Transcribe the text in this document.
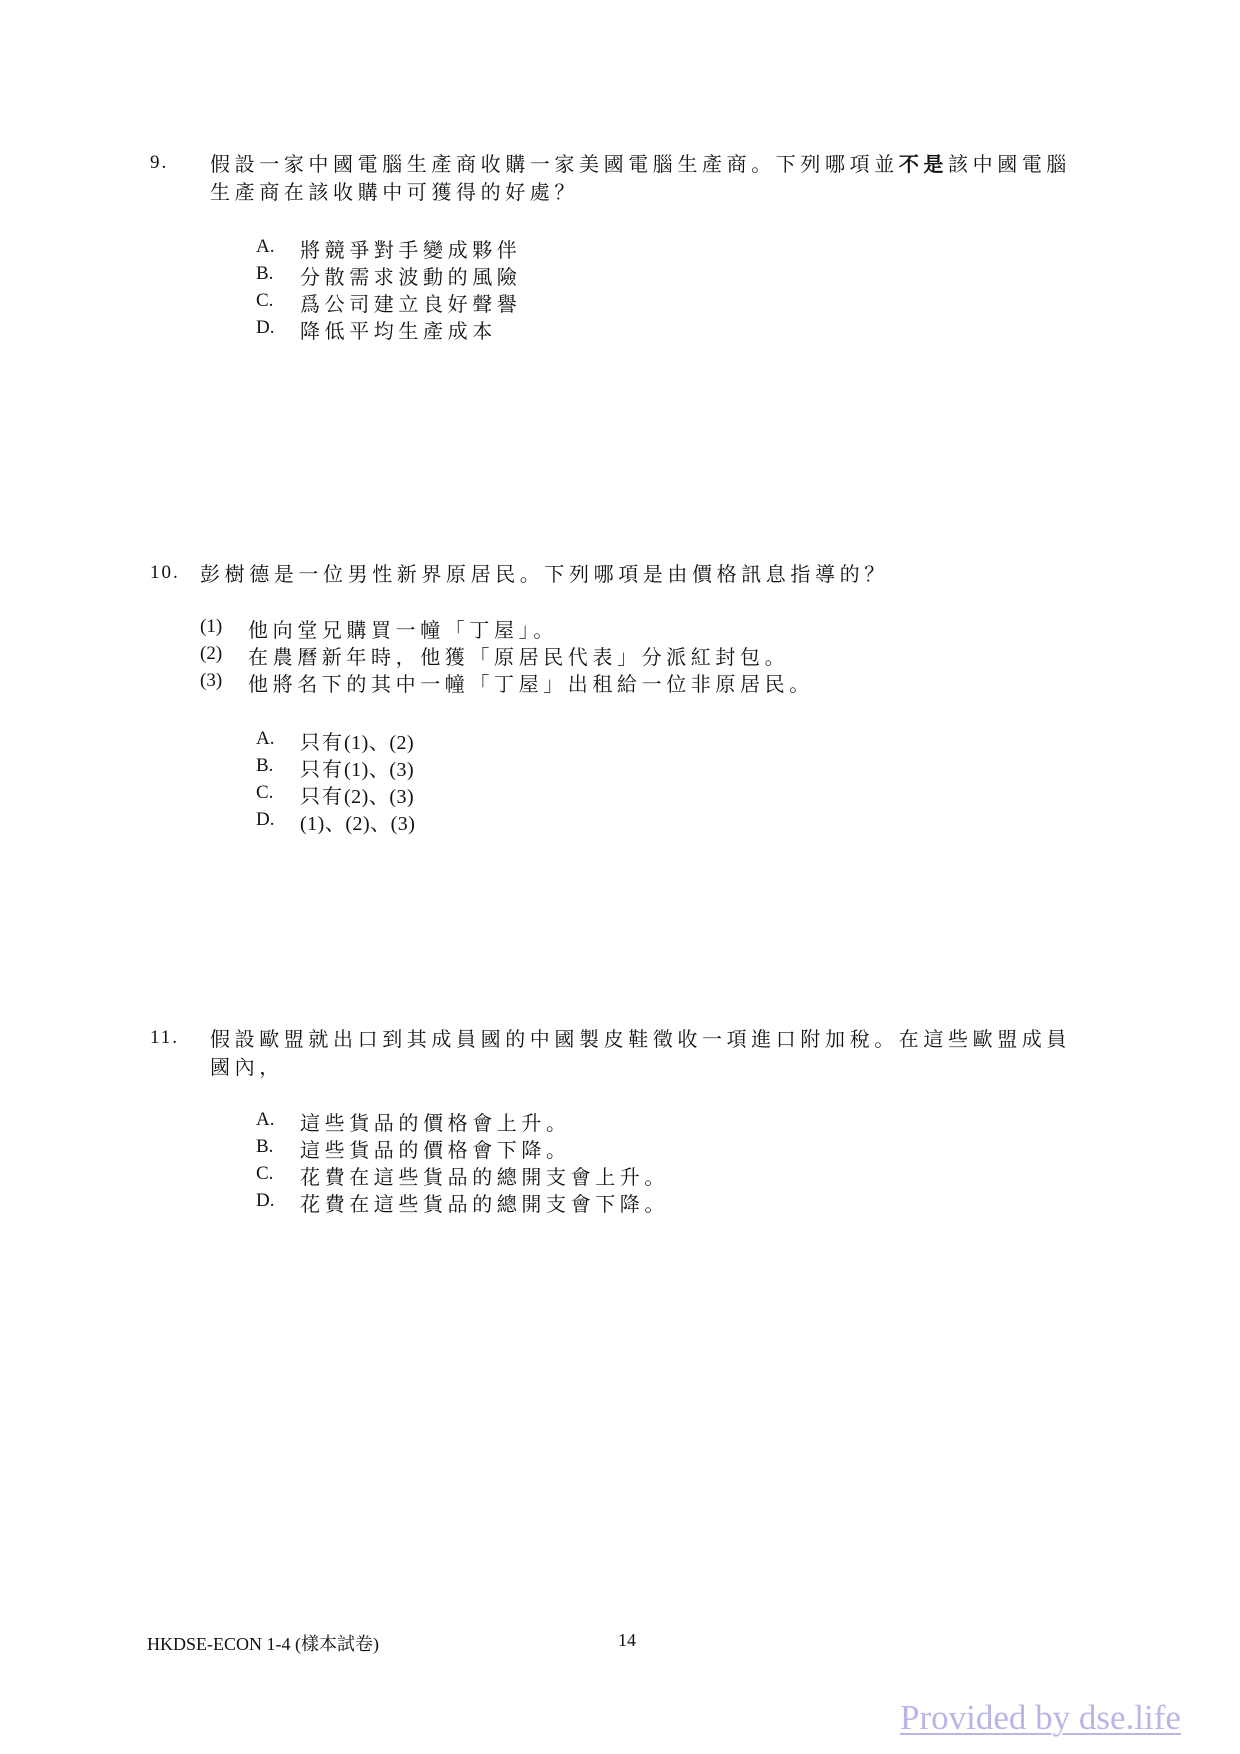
9. 假設一家中國電腦生產商收購一家美國電腦生產商。下列哪項並不是該中國電腦
生產商在該收購中可獲得的好處？
A. 將競爭對手變成夥伴
B. 分散需求波動的風險
C. 爲公司建立良好聲譽
D. 降低平均生產成本
10. 彭樹德是一位男性新界原居民。下列哪項是由價格訊息指導的？
(1) 他向堂兄購買一幢「丁屋」。
(2) 在農曆新年時，他獲「原居民代表」分派紅封包。
(3) 他將名下的其中一幢「丁屋」出租給一位非原居民。
A. 只有(1)、(2)
B. 只有(1)、(3)
C. 只有(2)、(3)
D. (1)、(2)、(3)
11. 假設歐盟就出口到其成員國的中國製皮鞋徵收一項進口附加稅。在這些歐盟成員
國內，
A. 這些貨品的價格會上升。
B. 這些貨品的價格會下降。
C. 花費在這些貨品的總開支會上升。
D. 花費在這些貨品的總開支會下降。
HKDSE-ECON 1-4 (樣本試卷)	14
Provided by dse.life
